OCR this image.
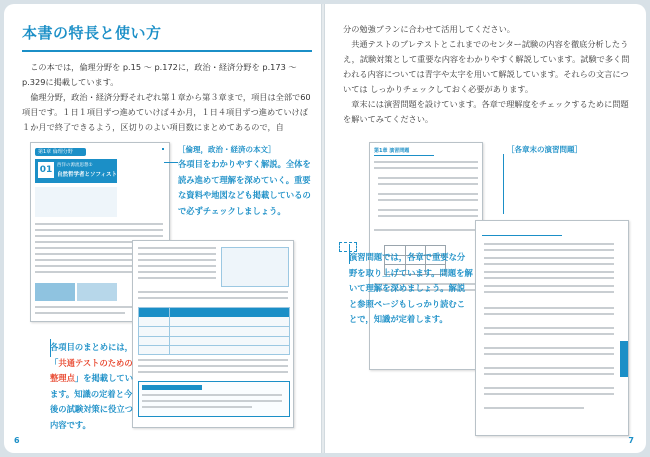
本書の特長と使い方

この本では，倫理分野を p.15 ～ p.172に，政治・経済分野を p.173 ～ p.329に掲載しています。

倫理分野，政治・経済分野それぞれ第１章から第３章まで，項目は全部で60項目です。１日１項目ずつ進めていけば４か月，１日４項目ずつ進めていけば１か月で終了できるよう，区切りのよい項目数にまとめてあるので，自

第1章 倫理分野
01	西洋の源流思想①
自然哲学者とソフィスト
［倫理，政治・経済の本文］
各項目をわかりやすく解説。全体を読み進めて理解を深めていく。重要な資料や地図なども掲載しているので必ずチェックしましょう。
各項目のまとめには，「共通テストのための整理点」を掲載しています。知識の定着と今後の試験対策に役立つ内容です。
6

分の勉強プランに合わせて活用してください。

共通テストのプレテストとこれまでのセンター試験の内容を徹底分析したうえ，試験対策として重要な内容をわかりやすく解説しています。試験で多く問われる内容については青字や太字を用いて解説しています。それらの文言については しっかりチェックしておく必要があります。

章末には演習問題を設けています。各章で理解度をチェックするために問題を解いてみてください。

第1章 演習問題	［各章末の演習問題］
演習問題では，各章で重要な分野を取り上げています。問題を解いて理解を深めましょう。解説と参照ページもしっかり読むことで，知識が定着します。
7
